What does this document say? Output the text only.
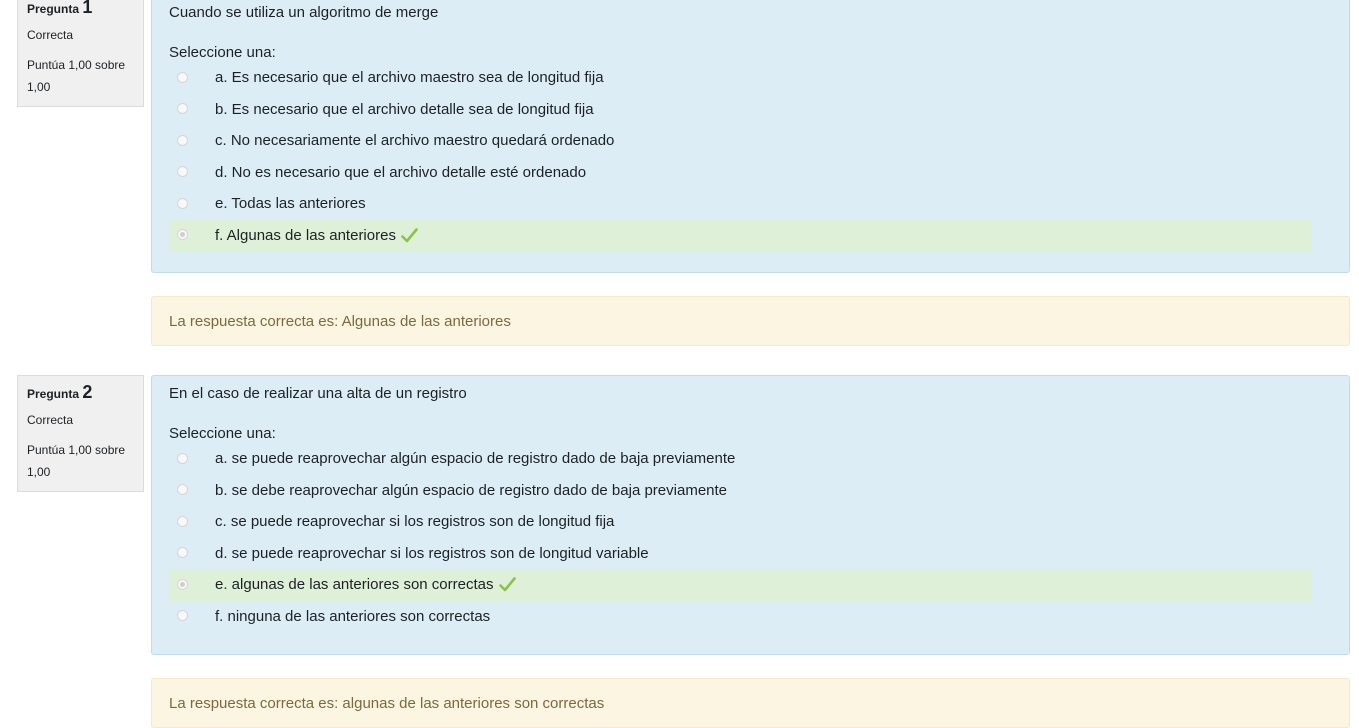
Pregunta 1
Correcta
Puntúa 1,00 sobre 1,00
Cuando se utiliza un algoritmo de merge
Seleccione una:
a. Es necesario que el archivo maestro sea de longitud fija
b. Es necesario que el archivo detalle sea de longitud fija
c. No necesariamente el archivo maestro quedará ordenado
d. No es necesario que el archivo detalle esté ordenado
e. Todas las anteriores
f. Algunas de las anteriores
La respuesta correcta es: Algunas de las anteriores
Pregunta 2
Correcta
Puntúa 1,00 sobre 1,00
En el caso de realizar una alta de un registro
Seleccione una:
a. se puede reaprovechar algún espacio de registro dado de baja previamente
b. se debe reaprovechar algún espacio de registro dado de baja previamente
c. se puede reaprovechar si los registros son de longitud fija
d. se puede reaprovechar si los registros son de longitud variable
e. algunas de las anteriores son correctas
f. ninguna de las anteriores son correctas
La respuesta correcta es: algunas de las anteriores son correctas
